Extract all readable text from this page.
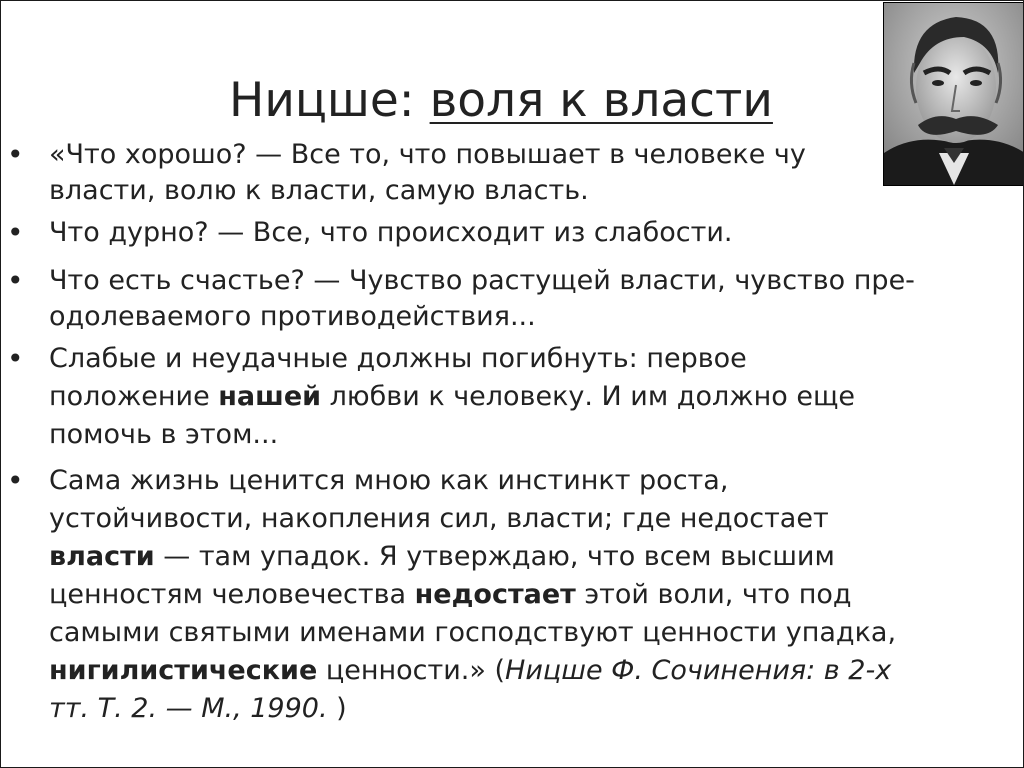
Ницше: воля к власти
• «Что хорошо? — Все то, что повышает в человеке чу
власти, волю к власти, самую власть.
• Что дурно? — Все, что происходит из слабости.
• Что есть счастье? — Чувство растущей власти, чувство пре-
одолеваемого противодействия...
• Слабые и неудачные должны погибнуть: первое
положение нашей любви к человеку. И им должно еще
помочь в этом...
• Сама жизнь ценится мною как инстинкт роста,
устойчивости, накопления сил, власти; где недостает
власти — там упадок. Я утверждаю, что всем высшим
ценностям человечества недостает этой воли, что под
самыми святыми именами господствуют ценности упадка,
нигилистические ценности.» (Ницше Ф. Сочинения: в 2-х
тт. Т. 2. — М., 1990. )
